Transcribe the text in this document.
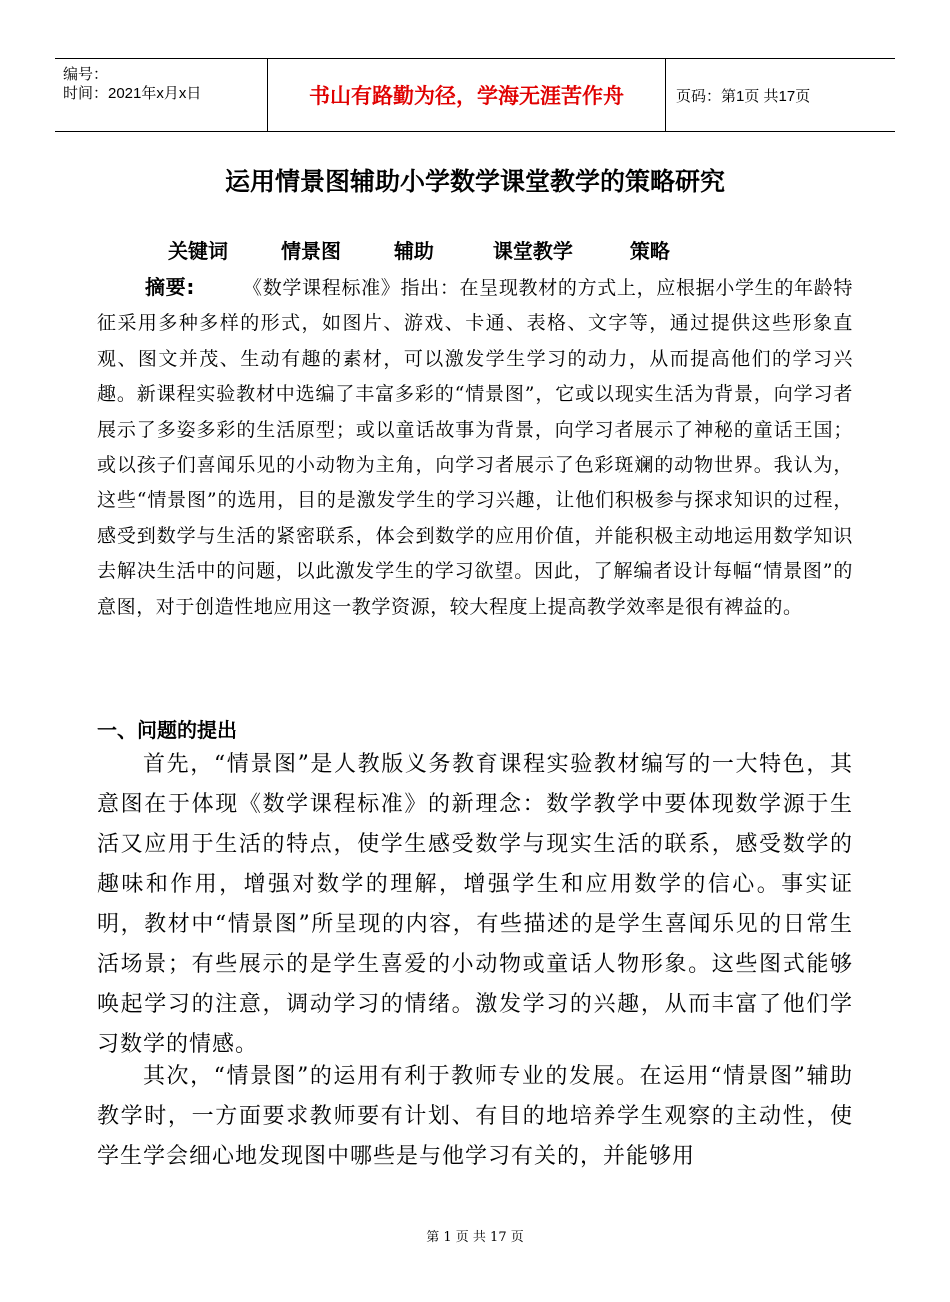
编号：
时间：2021年x月x日	书山有路勤为径，学海无涯苦作舟	页码：第1页 共17页
运用情景图辅助小学数学课堂教学的策略研究
关键词	情景图	辅助	课堂教学	策略
摘要:	《数学课程标准》指出：在呈现教材的方式上，应根据小学生的年龄特征采用多种多样的形式，如图片、游戏、卡通、表格、文字等，通过提供这些形象直观、图文并茂、生动有趣的素材，可以激发学生学习的动力，从而提高他们的学习兴趣。新课程实验教材中选编了丰富多彩的“情景图”，它或以现实生活为背景，向学习者展示了多姿多彩的生活原型；或以童话故事为背景，向学习者展示了神秘的童话王国；或以孩子们喜闻乐见的小动物为主角，向学习者展示了色彩斑斓的动物世界。我认为，这些“情景图”的选用，目的是激发学生的学习兴趣，让他们积极参与探求知识的过程，感受到数学与生活的紧密联系，体会到数学的应用价值，并能积极主动地运用数学知识去解决生活中的问题，以此激发学生的学习欲望。因此，了解编者设计每幅“情景图”的意图，对于创造性地应用这一教学资源，较大程度上提高教学效率是很有裨益的。
一、问题的提出
首先，“情景图”是人教版义务教育课程实验教材编写的一大特色，其意图在于体现《数学课程标准》的新理念：数学教学中要体现数学源于生活又应用于生活的特点，使学生感受数学与现实生活的联系，感受数学的趣味和作用，增强对数学的理解，增强学生和应用数学的信心。事实证明，教材中“情景图”所呈现的内容，有些描述的是学生喜闻乐见的日常生活场景；有些展示的是学生喜爱的小动物或童话人物形象。这些图式能够唤起学习的注意，调动学习的情绪。激发学习的兴趣，从而丰富了他们学习数学的情感。
其次，“情景图”的运用有利于教师专业的发展。在运用“情景图”辅助教学时，一方面要求教师要有计划、有目的地培养学生观察的主动性，使学生学会细心地发现图中哪些是与他学习有关的，并能够用
第 1 页 共 17 页
